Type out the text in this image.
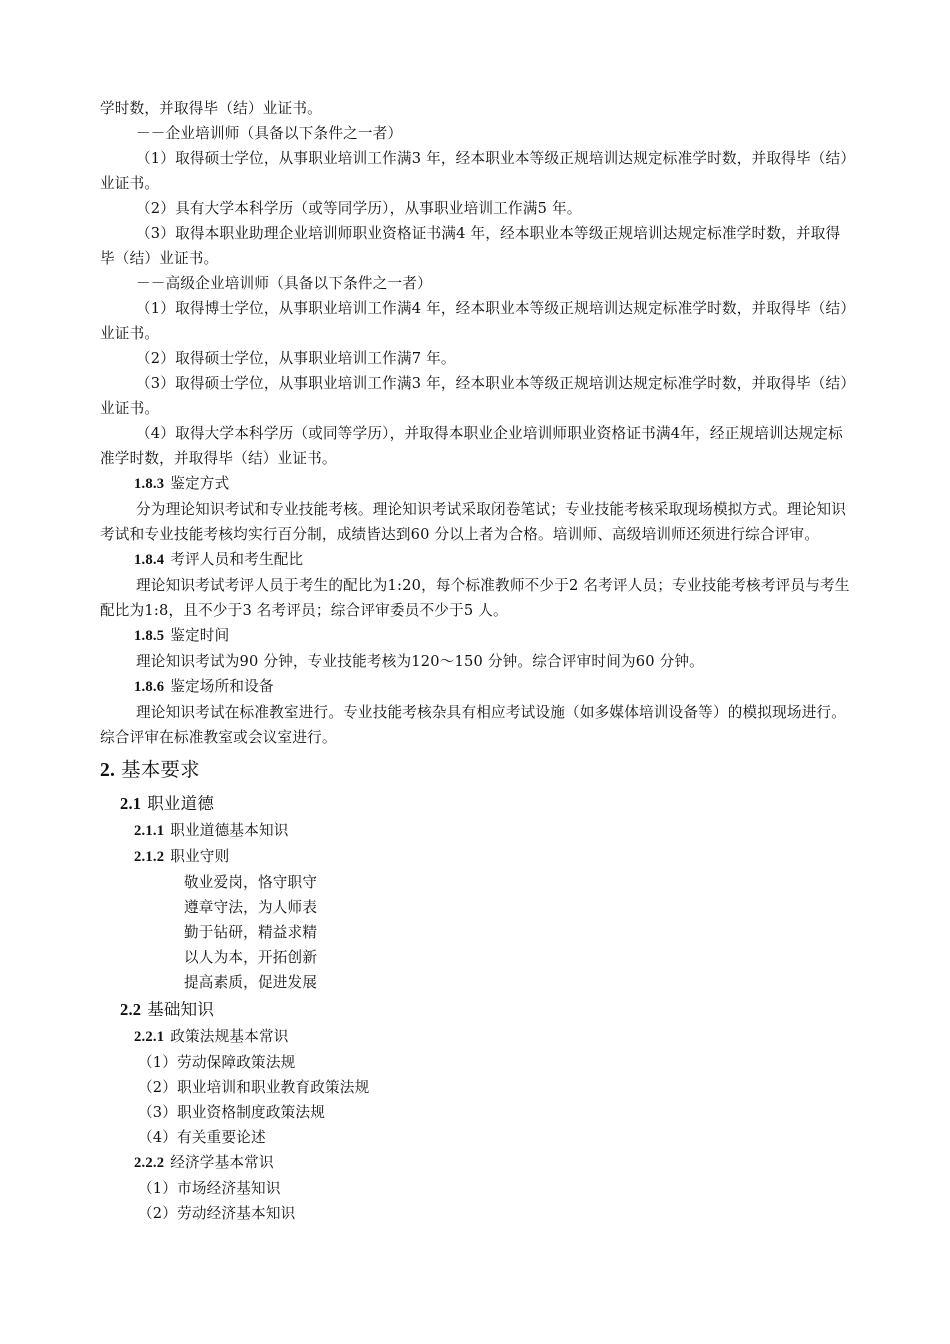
学时数，并取得毕（结）业证书。

－－企业培训师（具备以下条件之一者）

（1）取得硕士学位，从事职业培训工作满3 年，经本职业本等级正规培训达规定标准学时数，并取得毕（结）业证书。

（2）具有大学本科学历（或等同学历），从事职业培训工作满5 年。

（3）取得本职业助理企业培训师职业资格证书满4 年，经本职业本等级正规培训达规定标准学时数，并取得毕（结）业证书。

－－高级企业培训师（具备以下条件之一者）

（1）取得博士学位，从事职业培训工作满4 年，经本职业本等级正规培训达规定标准学时数，并取得毕（结）业证书。

（2）取得硕士学位，从事职业培训工作满7 年。

（3）取得硕士学位，从事职业培训工作满3 年，经本职业本等级正规培训达规定标准学时数，并取得毕（结）业证书。

（4）取得大学本科学历（或同等学历），并取得本职业企业培训师职业资格证书满4年，经正规培训达规定标准学时数，并取得毕（结）业证书。

1.8.3 鉴定方式

分为理论知识考试和专业技能考核。理论知识考试采取闭卷笔试；专业技能考核采取现场模拟方式。理论知识考试和专业技能考核均实行百分制，成绩皆达到60 分以上者为合格。培训师、高级培训师还须进行综合评审。

1.8.4 考评人员和考生配比

理论知识考试考评人员于考生的配比为1:20，每个标准教师不少于2 名考评人员；专业技能考核考评员与考生配比为1:8，且不少于3 名考评员；综合评审委员不少于5 人。

1.8.5 鉴定时间

理论知识考试为90 分钟，专业技能考核为120～150 分钟。综合评审时间为60 分钟。

1.8.6 鉴定场所和设备

理论知识考试在标准教室进行。专业技能考核杂具有相应考试设施（如多媒体培训设备等）的模拟现场进行。综合评审在标准教室或会议室进行。

2. 基本要求

2.1 职业道德

2.1.1 职业道德基本知识

2.1.2 职业守则

敬业爱岗，恪守职守

遵章守法，为人师表

勤于钻研，精益求精

以人为本，开拓创新

提高素质，促进发展

2.2 基础知识

2.2.1 政策法规基本常识

（1）劳动保障政策法规

（2）职业培训和职业教育政策法规

（3）职业资格制度政策法规

（4）有关重要论述

2.2.2 经济学基本常识

（1）市场经济基知识

（2）劳动经济基本知识
